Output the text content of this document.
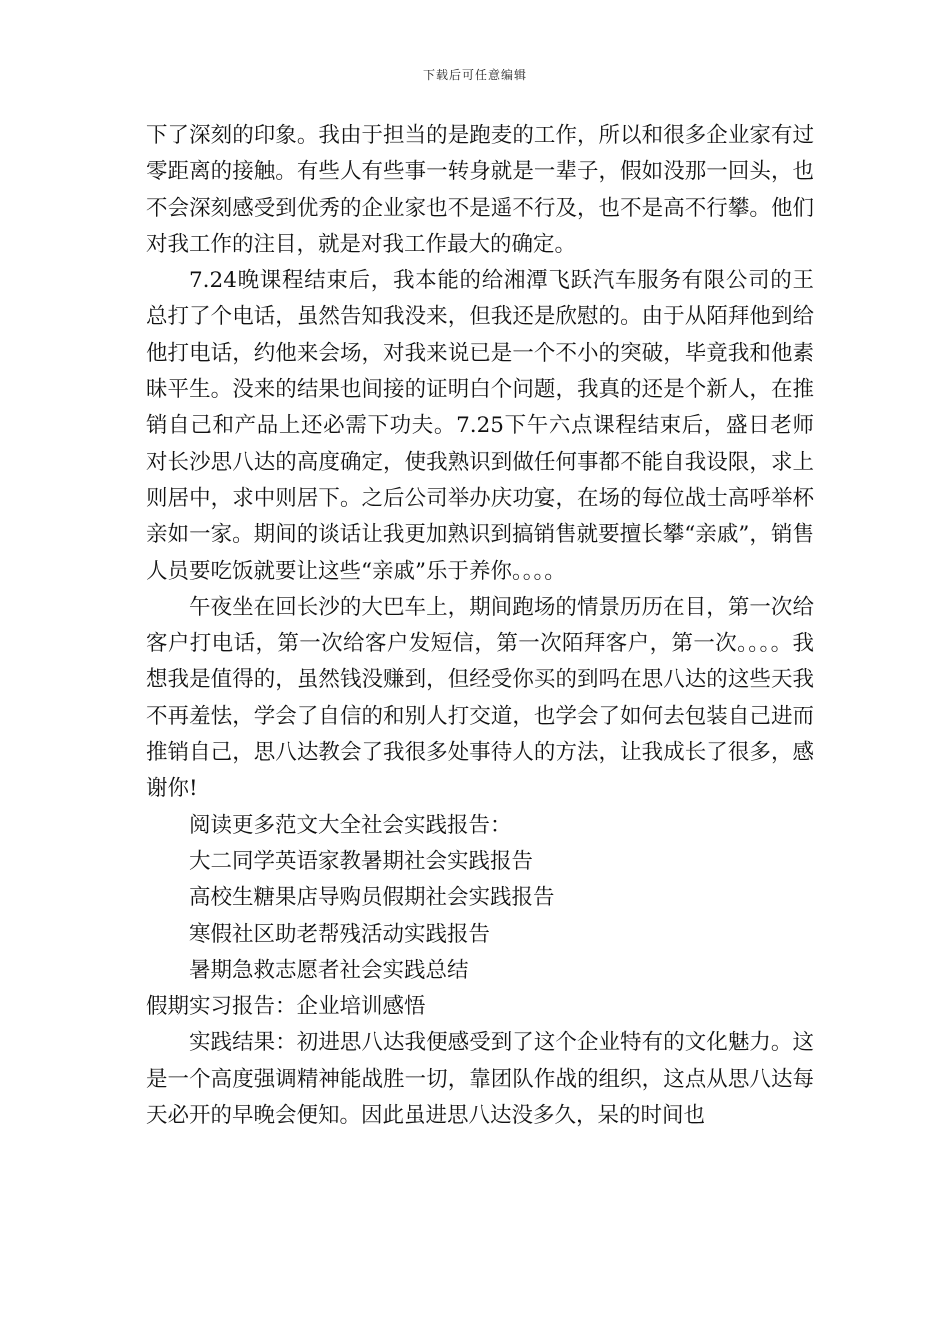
下载后可任意编辑

下了深刻的印象。我由于担当的是跑麦的工作，所以和很多企业家有过零距离的接触。有些人有些事一转身就是一辈子，假如没那一回头，也不会深刻感受到优秀的企业家也不是遥不行及，也不是高不行攀。他们对我工作的注目，就是对我工作最大的确定。

7.24晚课程结束后，我本能的给湘潭飞跃汽车服务有限公司的王总打了个电话，虽然告知我没来，但我还是欣慰的。由于从陌拜他到给他打电话，约他来会场，对我来说已是一个不小的突破，毕竟我和他素昧平生。没来的结果也间接的证明白个问题，我真的还是个新人，在推销自己和产品上还必需下功夫。7.25下午六点课程结束后，盛日老师对长沙思八达的高度确定，使我熟识到做任何事都不能自我设限，求上则居中，求中则居下。之后公司举办庆功宴，在场的每位战士高呼举杯亲如一家。期间的谈话让我更加熟识到搞销售就要擅长攀“亲戚”，销售人员要吃饭就要让这些“亲戚”乐于养你。。。。

午夜坐在回长沙的大巴车上，期间跑场的情景历历在目，第一次给客户打电话，第一次给客户发短信，第一次陌拜客户，第一次。。。。我想我是值得的，虽然钱没赚到，但经受你买的到吗在思八达的这些天我不再羞怯，学会了自信的和别人打交道，也学会了如何去包装自己进而推销自己，思八达教会了我很多处事待人的方法，让我成长了很多，感谢你!

阅读更多范文大全社会实践报告：

大二同学英语家教暑期社会实践报告

高校生糖果店导购员假期社会实践报告

寒假社区助老帮残活动实践报告

暑期急救志愿者社会实践总结

假期实习报告：企业培训感悟

实践结果：初进思八达我便感受到了这个企业特有的文化魅力。这是一个高度强调精神能战胜一切，靠团队作战的组织，这点从思八达每天必开的早晚会便知。因此虽进思八达没多久，呆的时间也
